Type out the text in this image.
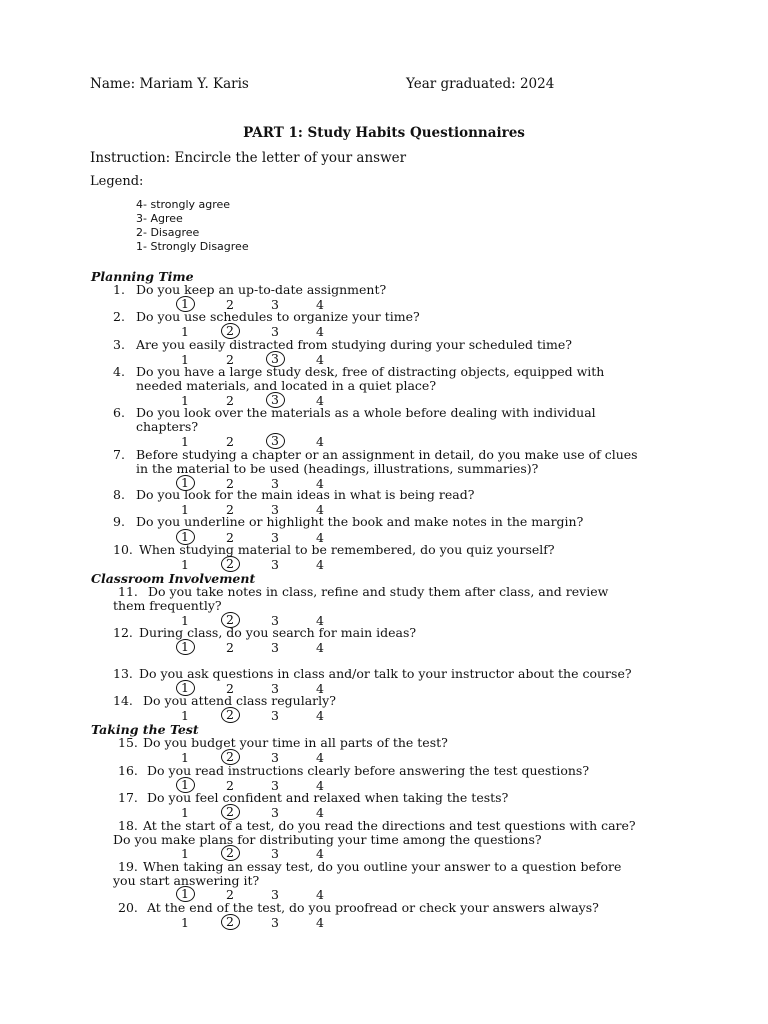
Name: Mariam Y. Karis	Year graduated: 2024
PART 1: Study Habits Questionnaires
Instruction: Encircle the letter of your answer
Legend:
4- strongly agree
3- Agree
2- Disagree
1- Strongly Disagree
Planning Time
1. Do you keep an up-to-date assignment?
1	2	3	4
2. Do you use schedules to organize your time?
1	2	3	4
3. Are you easily distracted from studying during your scheduled time?
1	2	3	4
4. Do you have a large study desk, free of distracting objects, equipped with
needed materials, and located in a quiet place?
1	2	3	4
6. Do you look over the materials as a whole before dealing with individual
chapters?
1	2	3	4
7. Before studying a chapter or an assignment in detail, do you make use of clues
in the material to be used (headings, illustrations, summaries)?
1	2	3	4
8. Do you look for the main ideas in what is being read?
1	2	3	4
9. Do you underline or highlight the book and make notes in the margin?
1	2	3	4
10. When studying material to be remembered, do you quiz yourself?
1	2	3	4
Classroom Involvement
11. Do you take notes in class, refine and study them after class, and review
them frequently?
1	2	3	4
12. During class, do you search for main ideas?
1	2	3	4
13. Do you ask questions in class and/or talk to your instructor about the course?
1	2	3	4
14. Do you attend class regularly?
1	2	3	4
Taking the Test
15. Do you budget your time in all parts of the test?
1	2	3	4
16. Do you read instructions clearly before answering the test questions?
1	2	3	4
17. Do you feel confident and relaxed when taking the tests?
1	2	3	4
18. At the start of a test, do you read the directions and test questions with care?
Do you make plans for distributing your time among the questions?
1	2	3	4
19. When taking an essay test, do you outline your answer to a question before
you start answering it?
1	2	3	4
20. At the end of the test, do you proofread or check your answers always?
1	2	3	4
